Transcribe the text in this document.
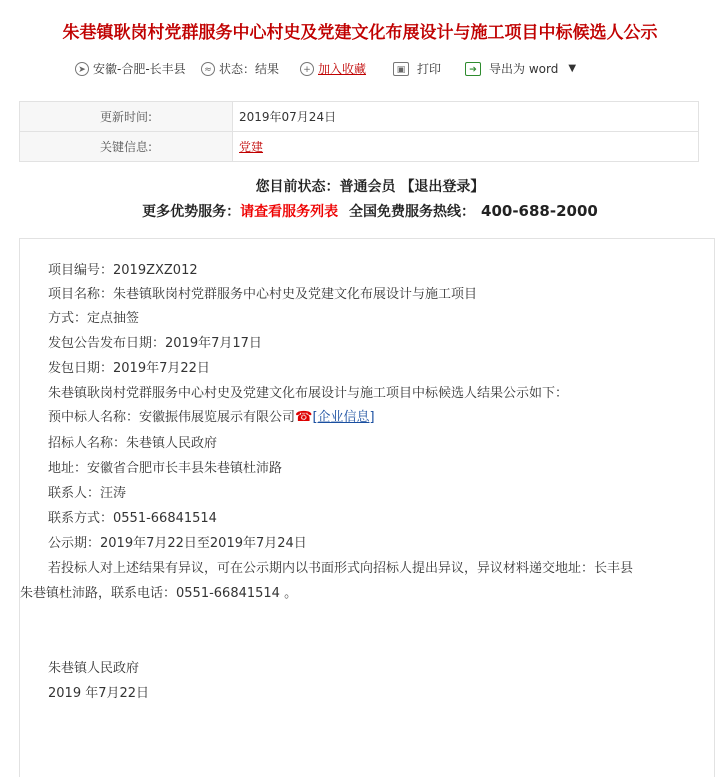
朱巷镇耿岗村党群服务中心村史及党建文化布展设计与施工项目中标候选人公示
➤ 安徽-合肥-长丰县	≈ 状态：结果	+ 加入收藏	▣ 打印	➔	导出为 word ▼
更新时间:	2019年07月24日
关键信息:	党建
您目前状态：普通会员 【退出登录】
更多优势服务：请查看服务列表 全国免费服务热线： 400-688-2000

项目编号：2019ZXZ012

项目名称：朱巷镇耿岗村党群服务中心村史及党建文化布展设计与施工项目

方式：定点抽签

发包公告发布日期：2019年7月17日

发包日期：2019年7月22日

朱巷镇耿岗村党群服务中心村史及党建文化布展设计与施工项目中标候选人结果公示如下：

预中标人名称：安徽振伟展览展示有限公司☎[企业信息]

招标人名称：朱巷镇人民政府

地址：安徽省合肥市长丰县朱巷镇杜沛路

联系人：汪涛

联系方式：0551-66841514

公示期：2019年7月22日至2019年7月24日

若投标人对上述结果有异议，可在公示期内以书面形式向招标人提出异议，异议材料递交地址：长丰县

朱巷镇杜沛路，联系电话：0551-66841514 。

朱巷镇人民政府

2019 年7月22日
